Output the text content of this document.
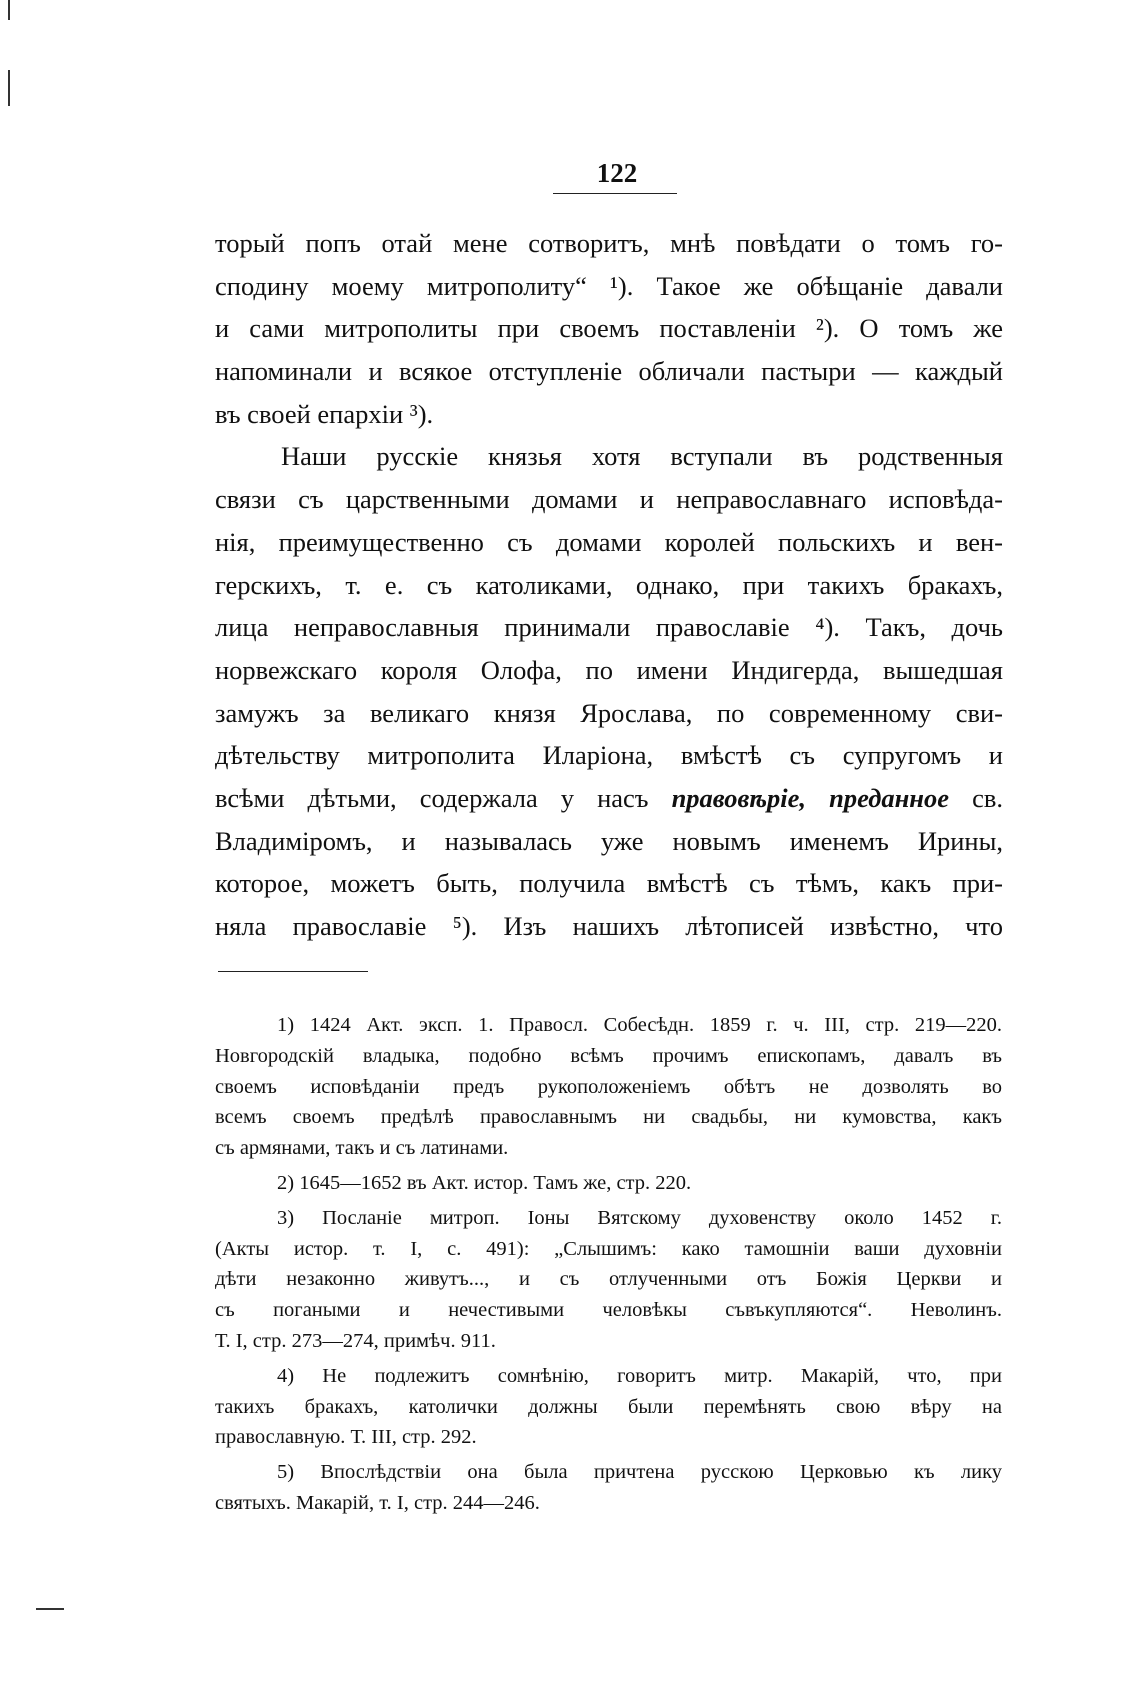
122
торый попъ отай мене сотворитъ, мнѣ повѣдати о томъ го-
сподину моему митрополиту“ ¹). Такое же обѣщаніе давали
и сами митрополиты при своемъ поставленіи ²). О томъ же
напоминали и всякое отступленіе обличали пастыри — каждый
въ своей епархіи ³).
Наши русскіе князья хотя вступали въ родственныя
связи съ царственными домами и неправославнаго исповѣда-
нія, преимущественно съ домами королей польскихъ и вен-
герскихъ, т. е. съ католиками, однако, при такихъ бракахъ,
лица неправославныя принимали православіе ⁴). Такъ, дочь
норвежскаго короля Олофа, по имени Индигерда, вышедшая
замужъ за великаго князя Ярослава, по современному сви-
дѣтельству митрополита Иларіона, вмѣстѣ съ супругомъ и
всѣми дѣтьми, содержала у насъ правовѣріе, преданное св.
Владиміромъ, и называлась уже новымъ именемъ Ирины,
которое, можетъ быть, получила вмѣстѣ съ тѣмъ, какъ при-
няла православіе ⁵). Изъ нашихъ лѣтописей извѣстно, что
1) 1424 Акт. эксп. 1. Правосл. Собесѣдн. 1859 г. ч. III, стр. 219—220.
Новгородскій владыка, подобно всѣмъ прочимъ епископамъ, давалъ въ
своемъ исповѣданіи предъ рукоположеніемъ обѣтъ не дозволять во
всемъ своемъ предѣлѣ православнымъ ни свадьбы, ни кумовства, какъ
съ армянами, такъ и съ латинами.
2) 1645—1652 въ Акт. истор. Тамъ же, стр. 220.
3) Посланіе митроп. Іоны Вятскому духовенству около 1452 г.
(Акты истор. т. I, с. 491): „Слышимъ: како тамошніи ваши духовніи
дѣти незаконно живутъ..., и съ отлученными отъ Божія Церкви и
съ погаными и нечестивыми человѣкы съвъкупляются“. Неволинъ.
Т. I, стр. 273—274, примѣч. 911.
4) Не подлежитъ сомнѣнію, говоритъ митр. Макарій, что, при
такихъ бракахъ, католички должны были перемѣнять свою вѣру на
православную. Т. III, стр. 292.
5) Впослѣдствіи она была причтена русскою Церковью къ лику
святыхъ. Макарій, т. I, стр. 244—246.
